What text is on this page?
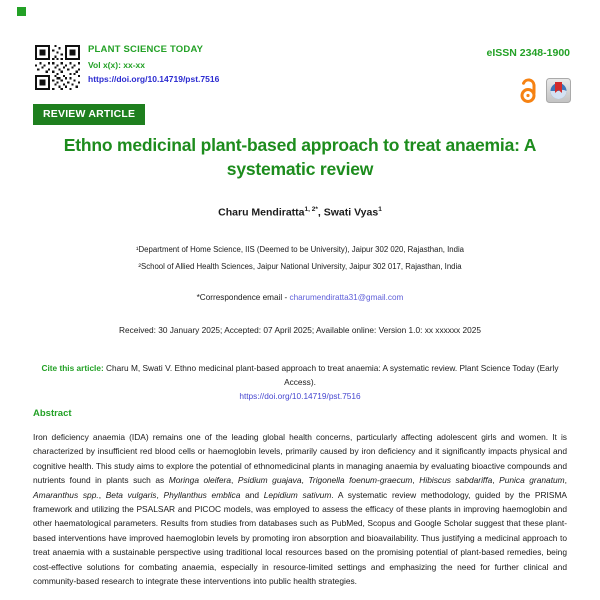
PLANT SCIENCE TODAY
Vol x(x): xx-xx
https://doi.org/10.14719/pst.7516
eISSN 2348-1900
REVIEW ARTICLE
Ethno medicinal plant-based approach to treat anaemia: A systematic review
Charu Mendiratta$^{1, 2*}$, Swati Vyas$^1$
¹Department of Home Science, IIS (Deemed to be University), Jaipur 302 020, Rajasthan, India
²School of Allied Health Sciences, Jaipur National University, Jaipur 302 017, Rajasthan, India
*Correspondence email - charumendiratta31@gmail.com
Received: 30 January 2025; Accepted: 07 April 2025; Available online: Version 1.0: xx xxxxxx 2025
Cite this article: Charu M, Swati V. Ethno medicinal plant-based approach to treat anaemia: A systematic review. Plant Science Today (Early Access).
https://doi.org/10.14719/pst.7516
Abstract

Iron deficiency anaemia (IDA) remains one of the leading global health concerns, particularly affecting adolescent girls and women. It is characterized by insufficient red blood cells or haemoglobin levels, primarily caused by iron deficiency and it significantly impacts physical and cognitive health. This study aims to explore the potential of ethnomedicinal plants in managing anaemia by evaluating bioactive compounds and nutrients found in plants such as Moringa oleifera, Psidium guajava, Trigonella foenum-graecum, Hibiscus sabdariffa, Punica granatum, Amaranthus spp., Beta vulgaris, Phyllanthus emblica and Lepidium sativum. A systematic review methodology, guided by the PRISMA framework and utilizing the PSALSAR and PICOC models, was employed to assess the efficacy of these plants in improving haemoglobin and other haematological parameters. Results from studies from databases such as PubMed, Scopus and Google Scholar suggest that these plant-based interventions have improved haemoglobin levels by promoting iron absorption and bioavailability. Thus justifying a medicinal approach to treat anaemia with a sustainable perspective using traditional local resources based on the promising potential of plant-based remedies, being cost-effective solutions for combating anaemia, especially in resource-limited settings and emphasizing the need for further clinical and community-based research to integrate these interventions into public health strategies.
